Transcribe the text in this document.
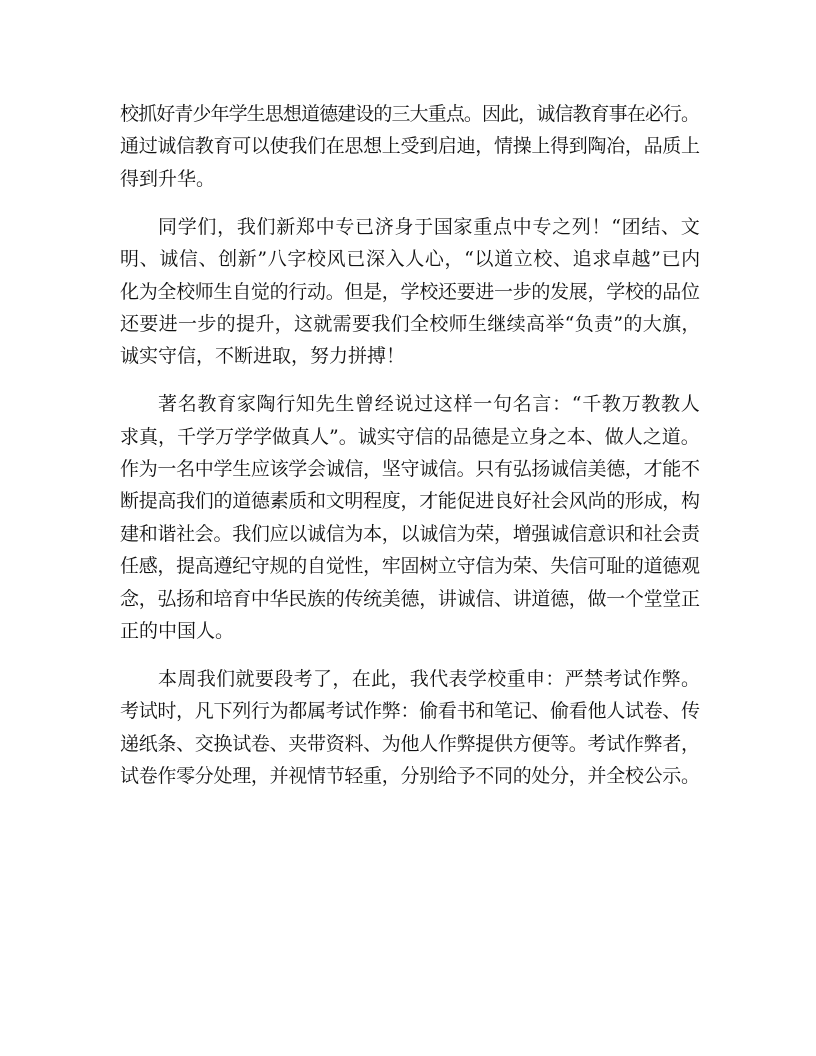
校抓好青少年学生思想道德建设的三大重点。因此，诚信教育事在必行。
通过诚信教育可以使我们在思想上受到启迪，情操上得到陶冶，品质上
得到升华。
同学们，我们新郑中专已济身于国家重点中专之列！“团结、文
明、诚信、创新”八字校风已深入人心，“以道立校、追求卓越”已内
化为全校师生自觉的行动。但是，学校还要进一步的发展，学校的品位
还要进一步的提升，这就需要我们全校师生继续高举“负责”的大旗，
诚实守信，不断进取，努力拼搏！
著名教育家陶行知先生曾经说过这样一句名言：“千教万教教人
求真，千学万学学做真人”。诚实守信的品德是立身之本、做人之道。
作为一名中学生应该学会诚信，坚守诚信。只有弘扬诚信美德，才能不
断提高我们的道德素质和文明程度，才能促进良好社会风尚的形成，构
建和谐社会。我们应以诚信为本，以诚信为荣，增强诚信意识和社会责
任感，提高遵纪守规的自觉性，牢固树立守信为荣、失信可耻的道德观
念，弘扬和培育中华民族的传统美德，讲诚信、讲道德，做一个堂堂正
正的中国人。
本周我们就要段考了，在此，我代表学校重申：严禁考试作弊。
考试时，凡下列行为都属考试作弊：偷看书和笔记、偷看他人试卷、传
递纸条、交换试卷、夹带资料、为他人作弊提供方便等。考试作弊者，
试卷作零分处理，并视情节轻重，分别给予不同的处分，并全校公示。
